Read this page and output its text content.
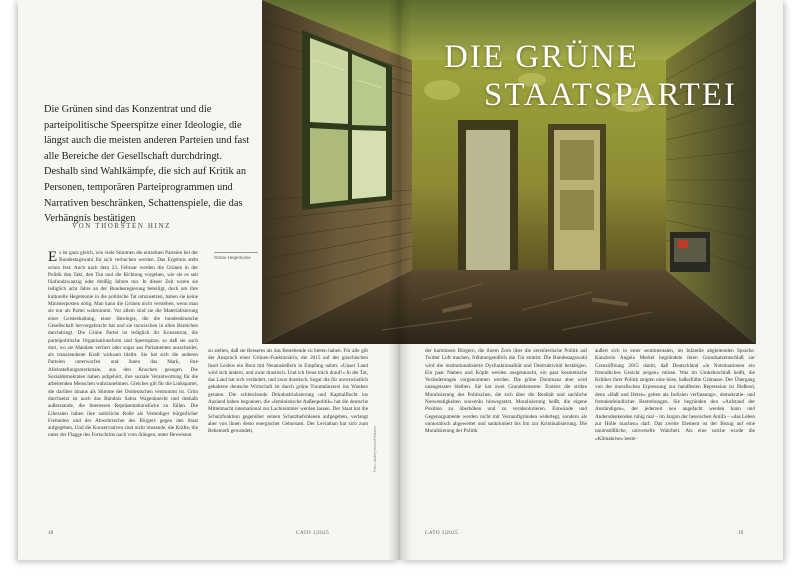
DIE GRÜNE
STAATSPARTEI
Die Grünen sind das Konzentrat und die parteipolitische Speerspitze einer Ideologie, die längst auch die meisten anderen Parteien und fast alle Bereiche der Gesellschaft durchdringt. Deshalb sind Wahlkämpfe, die sich auf Kritik an Personen, temporären Parteiprogrammen und Narrativen beschränken, Schattenspiele, die das Verhängnis bestätigen
VON THORSTEN HINZ
Es ist ganz gleich, wie viele Stimmen die einzelnen Parteien bei der Bundestagswahl für sich verbuchen werden. Das Ergebnis steht schon fest. Auch nach dem 23. Februar werden die Grünen in der Politik den Takt, den Ton und die Richtung vorgeben, wie sie es seit fünfundzwanzig oder dreißig Jahren tun. In dieser Zeit waren sie lediglich acht Jahre an der Bundesregierung beteiligt, doch um ihre kulturelle Hegemonie in die politische Tat umzusetzen, haben sie keine Ministerposten nötig. Man kann die Grünen nicht verstehen, wenn man sie nur als Partei wahrnimmt. Vor allem sind sie die Materialisierung einer Geisteshaltung, einer Ideologie, die die bundesdeutsche Gesellschaft hervorgebracht hat und sie inzwischen in allen Bereichen durchdringt. Die Grüne Partei ist lediglich ihr Konzentrat, die parteipolitische Organisationsform und Speerspitze, so daß sie auch dort, wo sie Mandate verliert oder sogar aus Parlamenten ausscheidet, als transzendente Kraft wirksam bleibt. Sie hat sich die anderen Parteien unterworfen und ihnen das Mark, ihre Alleinstellungsmerkmale, aus den Knochen gesogen. Die Sozialdemokraten haben aufgehört, ihre soziale Verantwortung für die arbeitenden Menschen wahrzunehmen. Gleiches gilt für die Linkspartei, die darüber hinaus als Stimme der Ostdeutschen verstummt ist. Grün durchsetzt ist auch das Bündnis Sahra Wagenknecht und deshalb außerstande, die Interessen Repräsentationslücke zu füllen. Die Liberalen haben ihre natürliche Rolle als Verteidiger bürgerlicher Freiheiten und der Abwehrrechte des Bürgers gegen den Staat aufgegeben. Und die Konservativen sind nicht imstande, die Kräfte, die unter der Flagge des Fortschritts nach vorn drängen, unter Beweisnot
Grüne Hegemonie
zu stellen, daß sie Besseres als das Bestehende zu bieten haben. Für alle gilt der Anspruch einer Grünen-Funktionärin, die 2015 auf der griechischen Insel Lesbos ein Boot mit Neuansiedlern in Empfang nahm: »Unser Land wird sich ändern, und zwar drastisch. Und ich freue mich drauf!« In der Tat, das Land hat sich verändert, und zwar drastisch. Sogar die für unverwüstlich gehaltene deutsche Wirtschaft ist durch grüne Traumtänzerei ins Wanken geraten. Die schleichende Deindustrialisierung und Kapitalflucht ins Ausland haben begonnen, die »feministische Außenpolitik« hat die deutsche Mittelmacht international zur Lachnummer werden lassen. Der Staat hat die Schutzfunktion gegenüber seinen Schutzbefohlenen aufgegeben, verlangt aber von ihnen desto energischer Gehorsam. Der Leviathan hat sich zum Behemoth gewandelt,	Foto: Andrej Nizzo/Pictures
der harmlosen Bürgern, die ihrem Zorn über die zerstörerische Politik auf Twitter Luft machen, frühmorgendlich die Tür eintritt. Die Bundestagswahl wird die institutionalisierte Dysfunktionalität und Destruktivität bestätigen. Ein paar Namen und Köpfe werden ausgetauscht, ein paar kosmetische Veränderungen vorgenommen werden. Die grüne Dominanz aber wird unangetastet bleiben. Sie hat zwei Grundelemente: Erstens die strikte Moralisierung des Politischen, die sich über die Realität und sachliche Notwendigkeiten souverän hinwegsetzt. Moralisierung heißt, die eigene Position zu überhöhen und zu verabsolutieren. Einwände und Gegenargumente werden nicht mit Vernunftgründen widerlegt, sondern als unmoralisch abgewertet und sanktioniert bis hin zur Kriminalisierung. Die Moralisierung der Politik
äußert sich in einer sentimentalen, im Infantile abgleitenden Sprache. Kanzlerin Angela Merkel begründete ihren Grundsatzentschluß zur Grenzöffnung 2015 damit, daß Deutschland »in Notsituationen ein freundliches Gesicht zeigen« müsse. Was im Umkehrschluß heißt, die Kritiker ihrer Politik zeigten eine böse, haßerfüllte Grimasse. Der Übergang von der moralischen Erpressung zur handfesten Repression ist fließend, denn »Haß und Hetze« gelten als Indizien verfassungs-, demokratie- und fremdenfeindlicher Bestrebungen. Sie begründen den »Aufstand der Anständigen«, der jederzeit neu angefacht werden kann und Andersdenkenden ruhig mal – im Jargon der hessischen Antifa – »das Leben zur Hölle machen« darf. Das zweite Element ist der Bezug auf eine unumstößliche, universelle Wahrheit. Als eine solche wurde die »Klimakrise« beste-
18	CATO 1|2025	CATO 1|2025	19
